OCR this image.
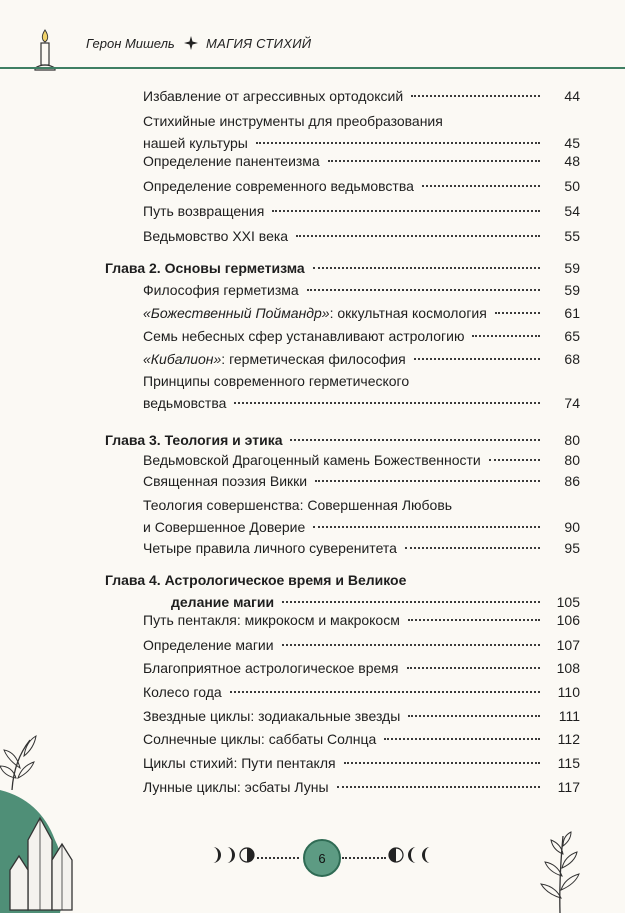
Герон Мишель МАГИЯ СТИХИЙ
Избавление от агрессивных ортодоксий	44
Стихийные инструменты для преобразования
нашей культуры	45
Определение панентеизма	48
Определение современного ведьмовства	50
Путь возвращения	54
Ведьмовство XXI века	55
Глава 2. Основы герметизма	59
Философия герметизма	59
«Божественный Поймандр»: оккультная космология	61
Семь небесных сфер устанавливают астрологию	65
«Кибалион»: герметическая философия	68
Принципы современного герметического
ведьмовства	74
Глава 3. Теология и этика	80
Ведьмовской Драгоценный камень Божественности	80
Священная поэзия Викки	86
Теология совершенства: Совершенная Любовь
и Совершенное Доверие	90
Четыре правила личного суверенитета	95
Глава 4. Астрологическое время и Великое
делание магии	105
Путь пентакля: микрокосм и макрокосм	106
Определение магии	107
Благоприятное астрологическое время	108
Колесо года	110
Звездные циклы: зодиакальные звезды	111
Солнечные циклы: саббаты Солнца	112
Циклы стихий: Пути пентакля	115
Лунные циклы: эсбаты Луны	117
6
